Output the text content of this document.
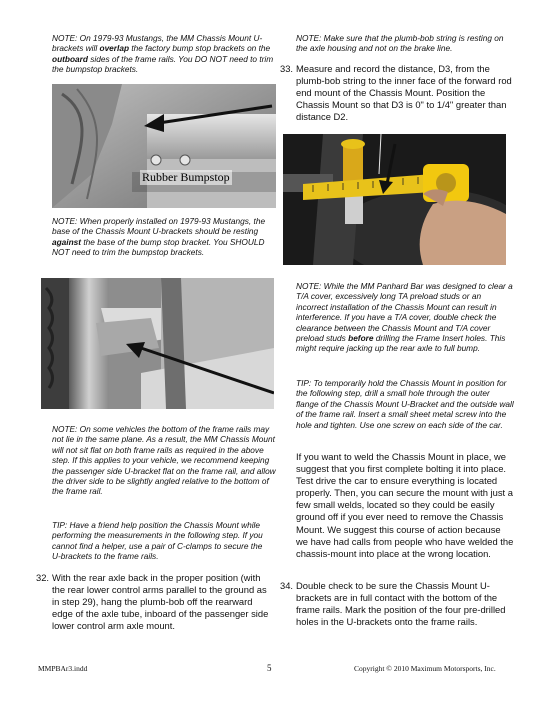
NOTE: On 1979-93 Mustangs, the MM Chassis Mount U-brackets will overlap the factory bump stop brackets on the outboard sides of the frame rails. You DO NOT need to trim the bumpstop brackets.
Rubber Bumpstop
NOTE: When properly installed on 1979-93 Mustangs, the base of the Chassis Mount U-brackets should be resting against the base of the bump stop bracket. You SHOULD NOT need to trim the bumpstop brackets.
NOTE: On some vehicles the bottom of the frame rails may not lie in the same plane. As a result, the MM Chassis Mount will not sit flat on both frame rails as required in the above step. If this applies to your vehicle, we recommend keeping the passenger side U-bracket flat on the frame rail, and allow the driver side to be slightly angled relative to the bottom of the frame rail.
TIP: Have a friend help position the Chassis Mount while performing the measurements in the following step. If you cannot find a helper, use a pair of C-clamps to secure the U-brackets to the frame rails.
32. With the rear axle back in the proper position (with the rear lower control arms parallel to the ground as in step 29), hang the plumb-bob off the rearward edge of the axle tube, inboard of the passenger side lower control arm axle mount.
NOTE: Make sure that the plumb-bob string is resting on the axle housing and not on the brake line.
33. Measure and record the distance, D3, from the plumb-bob string to the inner face of the forward rod end mount of the Chassis Mount. Position the Chassis Mount so that D3 is 0" to 1/4" greater than distance D2.
NOTE: While the MM Panhard Bar was designed to clear a T/A cover, excessively long TA preload studs or an incorrect installation of the Chassis Mount can result in interference. If you have a T/A cover, double check the clearance between the Chassis Mount and T/A cover preload studs before drilling the Frame Insert holes. This might require jacking up the rear axle to full bump.
TIP: To temporarily hold the Chassis Mount in position for the following step, drill a small hole through the outer flange of the Chassis Mount U-Bracket and the outside wall of the frame rail. Insert a small sheet metal screw into the hole and tighten. Use one screw on each side of the car.
If you want to weld the Chassis Mount in place, we suggest that you first complete bolting it into place. Test drive the car to ensure everything is located properly. Then, you can secure the mount with just a few small welds, located so they could be easily ground off if you ever need to remove the Chassis Mount. We suggest this course of action because we have had calls from people who have welded the chassis-mount into place at the wrong location.
34. Double check to be sure the Chassis Mount U-brackets are in full contact with the bottom of the frame rails. Mark the position of the four pre-drilled holes in the U-brackets onto the frame rails.
MMPBAr3.indd	5	Copyright © 2010 Maximum Motorsports, Inc.
